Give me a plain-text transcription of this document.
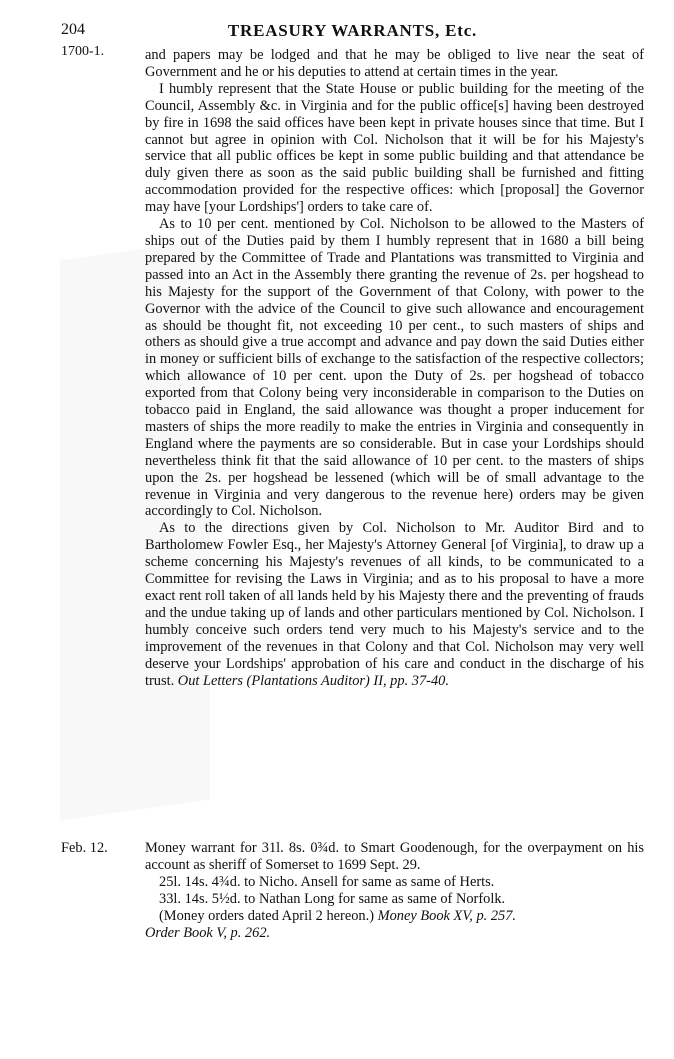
204	TREASURY WARRANTS, Etc.
1700-1.	and papers may be lodged and that he may be obliged to live near the seat of Government and he or his deputies to attend at certain times in the year.

I humbly represent that the State House or public building for the meeting of the Council, Assembly &c. in Virginia and for the public office[s] having been destroyed by fire in 1698 the said offices have been kept in private houses since that time. But I cannot but agree in opinion with Col. Nicholson that it will be for his Majesty's service that all public offices be kept in some public building and that attendance be duly given there as soon as the said public building shall be furnished and fitting accommodation provided for the respective offices: which [proposal] the Governor may have [your Lordships'] orders to take care of.

As to 10 per cent. mentioned by Col. Nicholson to be allowed to the Masters of ships out of the Duties paid by them I humbly represent that in 1680 a bill being prepared by the Committee of Trade and Plantations was transmitted to Virginia and passed into an Act in the Assembly there granting the revenue of 2s. per hogshead to his Majesty for the support of the Government of that Colony, with power to the Governor with the advice of the Council to give such allowance and encouragement as should be thought fit, not exceeding 10 per cent., to such masters of ships and others as should give a true accompt and advance and pay down the said Duties either in money or sufficient bills of exchange to the satisfaction of the respective collectors; which allowance of 10 per cent. upon the Duty of 2s. per hogshead of tobacco exported from that Colony being very inconsiderable in comparison to the Duties on tobacco paid in England, the said allowance was thought a proper inducement for masters of ships the more readily to make the entries in Virginia and consequently in England where the payments are so considerable. But in case your Lordships should nevertheless think fit that the said allowance of 10 per cent. to the masters of ships upon the 2s. per hogshead be lessened (which will be of small advantage to the revenue in Virginia and very dangerous to the revenue here) orders may be given accordingly to Col. Nicholson.

As to the directions given by Col. Nicholson to Mr. Auditor Bird and to Bartholomew Fowler Esq., her Majesty's Attorney General [of Virginia], to draw up a scheme concerning his Majesty's revenues of all kinds, to be communicated to a Committee for revising the Laws in Virginia; and as to his proposal to have a more exact rent roll taken of all lands held by his Majesty there and the preventing of frauds and the undue taking up of lands and other particulars mentioned by Col. Nicholson. I humbly conceive such orders tend very much to his Majesty's service and to the improvement of the revenues in that Colony and that Col. Nicholson may very well deserve your Lordships' approbation of his care and conduct in the discharge of his trust. Out Letters (Plantations Auditor) II, pp. 37-40.

Feb. 12.	Money warrant for 31l. 8s. 0¾d. to Smart Goodenough, for the overpayment on his account as sheriff of Somerset to 1699 Sept. 29.

25l. 14s. 4¾d. to Nicho. Ansell for same as same of Herts.

33l. 14s. 5½d. to Nathan Long for same as same of Norfolk.

(Money orders dated April 2 hereon.) Money Book XV, p. 257.

Order Book V, p. 262.
